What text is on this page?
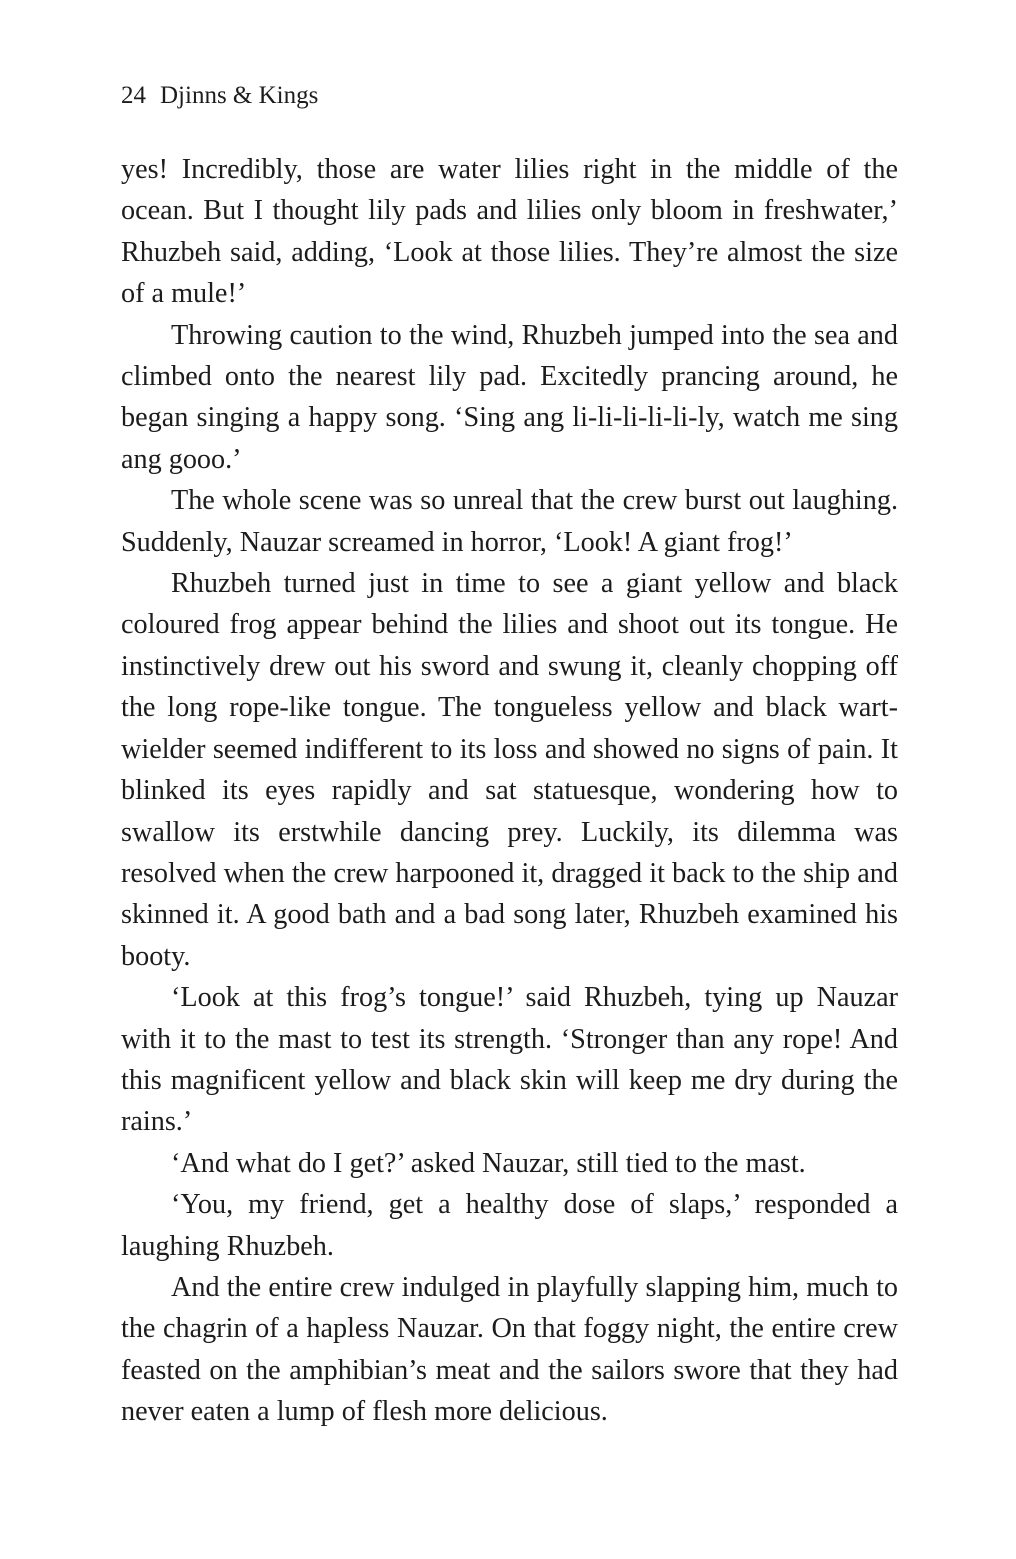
24 Djinns & Kings

yes! Incredibly, those are water lilies right in the middle of the ocean. But I thought lily pads and lilies only bloom in freshwater,’ Rhuzbeh said, adding, ‘Look at those lilies. They’re almost the size of a mule!’

Throwing caution to the wind, Rhuzbeh jumped into the sea and climbed onto the nearest lily pad. Excitedly prancing around, he began singing a happy song. ‘Sing ang li-li-li-li-li-ly, watch me sing ang gooo.’

The whole scene was so unreal that the crew burst out laughing. Suddenly, Nauzar screamed in horror, ‘Look! A giant frog!’

Rhuzbeh turned just in time to see a giant yellow and black coloured frog appear behind the lilies and shoot out its tongue. He instinctively drew out his sword and swung it, cleanly chopping off the long rope-like tongue. The tongueless yellow and black wart-wielder seemed indifferent to its loss and showed no signs of pain. It blinked its eyes rapidly and sat statuesque, wondering how to swallow its erstwhile dancing prey. Luckily, its dilemma was resolved when the crew harpooned it, dragged it back to the ship and skinned it. A good bath and a bad song later, Rhuzbeh examined his booty.

‘Look at this frog’s tongue!’ said Rhuzbeh, tying up Nauzar with it to the mast to test its strength. ‘Stronger than any rope! And this magnificent yellow and black skin will keep me dry during the rains.’

‘And what do I get?’ asked Nauzar, still tied to the mast.

‘You, my friend, get a healthy dose of slaps,’ responded a laughing Rhuzbeh.

And the entire crew indulged in playfully slapping him, much to the chagrin of a hapless Nauzar. On that foggy night, the entire crew feasted on the amphibian’s meat and the sailors swore that they had never eaten a lump of flesh more delicious.
